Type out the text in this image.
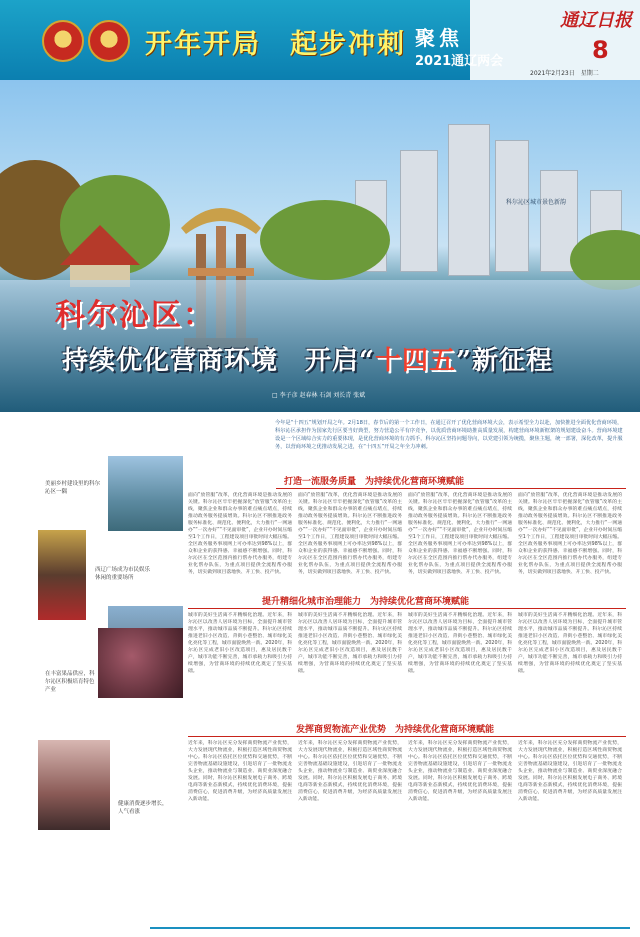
开年开局　起步冲刺 聚焦
2021通辽两会
通辽日报
8
2021年2月23日　星期二
科尔沁区城市景色新韵
科尔沁区：
持续优化营商环境　开启“十四五”新征程
□ 李子彦 赵春林 石剑 刘长青 张斌
今年是“十四五”规划开局之年。2月18日，春节后的第一个工作日，在通辽召开了优化营商环境大会，表示希望全力以赴，加快推进全面优化营商环境，科尔沁区承担作为国家先行区要当好典型，努力营造公平有序竞争，以优质营商环境助推高质量发展，构建营商环境新框架的规划建设奋斗。营商环境建设是一个区域综合实力的重要体现，是优化营商环境的有力抓手，科尔沁区坚持问题导向，以党建引领为统揽，聚焦主题，统一部署，深化改革，提升服务，以营商环境之优推动发展之进，在“十四五”开局之年全力冲刺。
美丽乡村建设里的科尔沁区一隅
西辽广场成为市民娱乐休闲的重要场所
在丰富果品供应，科尔沁区积极培育特色产业
健康消费逐步增长，人气看涨
打造一流服务质量　为持续优化营商环境赋能
面向“放管服”改革，优化营商环境是推动发展的关键。科尔沁区牢牢把握深化“放管服”改革的主线，聚焦企业和群众办事的难点痛点堵点，持续推动政务服务提质增效。科尔沁区不断推进政务服务标准化、规范化、便利化，大力推行“一网通办”“一次办好”“不见面审批”，企业开办时间压缩至1个工作日，工程建设项目审批时间大幅压缩。全区政务服务事项网上可办率达到98%以上，群众和企业的获得感、幸福感不断增强。同时，科尔沁区在全区范围内推行帮办代办服务，组建专业化帮办队伍，为重点项目提供全流程帮办服务，切实做到项目落地快、开工快、投产快。
面向“放管服”改革，优化营商环境是推动发展的关键。科尔沁区牢牢把握深化“放管服”改革的主线，聚焦企业和群众办事的难点痛点堵点，持续推动政务服务提质增效。科尔沁区不断推进政务服务标准化、规范化、便利化，大力推行“一网通办”“一次办好”“不见面审批”，企业开办时间压缩至1个工作日，工程建设项目审批时间大幅压缩。全区政务服务事项网上可办率达到98%以上，群众和企业的获得感、幸福感不断增强。同时，科尔沁区在全区范围内推行帮办代办服务，组建专业化帮办队伍，为重点项目提供全流程帮办服务，切实做到项目落地快、开工快、投产快。
面向“放管服”改革，优化营商环境是推动发展的关键。科尔沁区牢牢把握深化“放管服”改革的主线，聚焦企业和群众办事的难点痛点堵点，持续推动政务服务提质增效。科尔沁区不断推进政务服务标准化、规范化、便利化，大力推行“一网通办”“一次办好”“不见面审批”，企业开办时间压缩至1个工作日，工程建设项目审批时间大幅压缩。全区政务服务事项网上可办率达到98%以上，群众和企业的获得感、幸福感不断增强。同时，科尔沁区在全区范围内推行帮办代办服务，组建专业化帮办队伍，为重点项目提供全流程帮办服务，切实做到项目落地快、开工快、投产快。
面向“放管服”改革，优化营商环境是推动发展的关键。科尔沁区牢牢把握深化“放管服”改革的主线，聚焦企业和群众办事的难点痛点堵点，持续推动政务服务提质增效。科尔沁区不断推进政务服务标准化、规范化、便利化，大力推行“一网通办”“一次办好”“不见面审批”，企业开办时间压缩至1个工作日，工程建设项目审批时间大幅压缩。全区政务服务事项网上可办率达到98%以上，群众和企业的获得感、幸福感不断增强。同时，科尔沁区在全区范围内推行帮办代办服务，组建专业化帮办队伍，为重点项目提供全流程帮办服务，切实做到项目落地快、开工快、投产快。
提升精细化城市治理能力　为持续优化营商环境赋能
城市的美好生活离不开精细化治理。近年来，科尔沁区以改善人居环境为目标，全面提升城市管理水平，推动城市品质不断提升。科尔沁区持续推进老旧小区改造、背街小巷整治、城市绿化美化亮化等工程，城市面貌焕然一新。2020年，科尔沁区完成老旧小区改造项目，惠及居民数千户，城市功能不断完善，城市承载力和吸引力持续增强，为营商环境的持续优化奠定了坚实基础。
城市的美好生活离不开精细化治理。近年来，科尔沁区以改善人居环境为目标，全面提升城市管理水平，推动城市品质不断提升。科尔沁区持续推进老旧小区改造、背街小巷整治、城市绿化美化亮化等工程，城市面貌焕然一新。2020年，科尔沁区完成老旧小区改造项目，惠及居民数千户，城市功能不断完善，城市承载力和吸引力持续增强，为营商环境的持续优化奠定了坚实基础。
城市的美好生活离不开精细化治理。近年来，科尔沁区以改善人居环境为目标，全面提升城市管理水平，推动城市品质不断提升。科尔沁区持续推进老旧小区改造、背街小巷整治、城市绿化美化亮化等工程，城市面貌焕然一新。2020年，科尔沁区完成老旧小区改造项目，惠及居民数千户，城市功能不断完善，城市承载力和吸引力持续增强，为营商环境的持续优化奠定了坚实基础。
城市的美好生活离不开精细化治理。近年来，科尔沁区以改善人居环境为目标，全面提升城市管理水平，推动城市品质不断提升。科尔沁区持续推进老旧小区改造、背街小巷整治、城市绿化美化亮化等工程，城市面貌焕然一新。2020年，科尔沁区完成老旧小区改造项目，惠及居民数千户，城市功能不断完善，城市承载力和吸引力持续增强，为营商环境的持续优化奠定了坚实基础。
发挥商贸物流产业优势　为持续优化营商环境赋能
近年来，科尔沁区充分发挥商贸物流产业优势，大力发展现代物流业，积极打造区域性商贸物流中心。科尔沁区依托区位优势和交通优势，不断完善物流基础设施建设，引进培育了一批物流龙头企业，推动物流业与制造业、商贸业深度融合发展。同时，科尔沁区积极发展电子商务、跨境电商等新业态新模式，持续优化消费环境，提振消费信心，促进消费升级，为经济高质量发展注入新动能。
近年来，科尔沁区充分发挥商贸物流产业优势，大力发展现代物流业，积极打造区域性商贸物流中心。科尔沁区依托区位优势和交通优势，不断完善物流基础设施建设，引进培育了一批物流龙头企业，推动物流业与制造业、商贸业深度融合发展。同时，科尔沁区积极发展电子商务、跨境电商等新业态新模式，持续优化消费环境，提振消费信心，促进消费升级，为经济高质量发展注入新动能。
近年来，科尔沁区充分发挥商贸物流产业优势，大力发展现代物流业，积极打造区域性商贸物流中心。科尔沁区依托区位优势和交通优势，不断完善物流基础设施建设，引进培育了一批物流龙头企业，推动物流业与制造业、商贸业深度融合发展。同时，科尔沁区积极发展电子商务、跨境电商等新业态新模式，持续优化消费环境，提振消费信心，促进消费升级，为经济高质量发展注入新动能。
近年来，科尔沁区充分发挥商贸物流产业优势，大力发展现代物流业，积极打造区域性商贸物流中心。科尔沁区依托区位优势和交通优势，不断完善物流基础设施建设，引进培育了一批物流龙头企业，推动物流业与制造业、商贸业深度融合发展。同时，科尔沁区积极发展电子商务、跨境电商等新业态新模式，持续优化消费环境，提振消费信心，促进消费升级，为经济高质量发展注入新动能。
